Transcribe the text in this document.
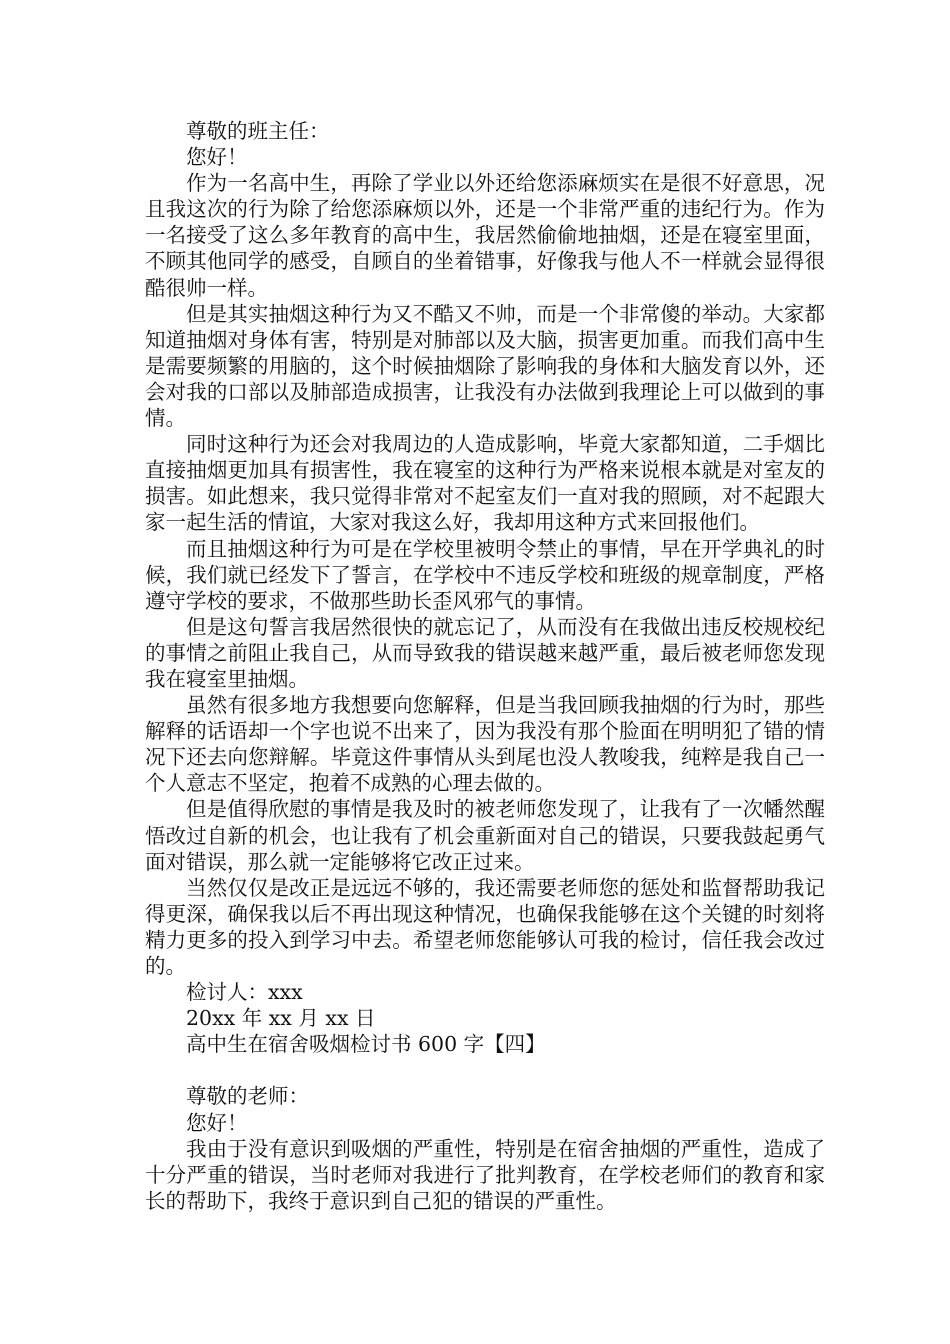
尊敬的班主任：

您好！

作为一名高中生，再除了学业以外还给您添麻烦实在是很不好意思，况且我这次的行为除了给您添麻烦以外，还是一个非常严重的违纪行为。作为一名接受了这么多年教育的高中生，我居然偷偷地抽烟，还是在寝室里面，不顾其他同学的感受，自顾自的坐着错事，好像我与他人不一样就会显得很酷很帅一样。

但是其实抽烟这种行为又不酷又不帅，而是一个非常傻的举动。大家都知道抽烟对身体有害，特别是对肺部以及大脑，损害更加重。而我们高中生是需要频繁的用脑的，这个时候抽烟除了影响我的身体和大脑发育以外，还会对我的口部以及肺部造成损害，让我没有办法做到我理论上可以做到的事情。

同时这种行为还会对我周边的人造成影响，毕竟大家都知道，二手烟比直接抽烟更加具有损害性，我在寝室的这种行为严格来说根本就是对室友的损害。如此想来，我只觉得非常对不起室友们一直对我的照顾，对不起跟大家一起生活的情谊，大家对我这么好，我却用这种方式来回报他们。

而且抽烟这种行为可是在学校里被明令禁止的事情，早在开学典礼的时候，我们就已经发下了誓言，在学校中不违反学校和班级的规章制度，严格遵守学校的要求，不做那些助长歪风邪气的事情。

但是这句誓言我居然很快的就忘记了，从而没有在我做出违反校规校纪的事情之前阻止我自己，从而导致我的错误越来越严重，最后被老师您发现我在寝室里抽烟。

虽然有很多地方我想要向您解释，但是当我回顾我抽烟的行为时，那些解释的话语却一个字也说不出来了，因为我没有那个脸面在明明犯了错的情况下还去向您辩解。毕竟这件事情从头到尾也没人教唆我，纯粹是我自己一个人意志不坚定，抱着不成熟的心理去做的。

但是值得欣慰的事情是我及时的被老师您发现了，让我有了一次幡然醒悟改过自新的机会，也让我有了机会重新面对自己的错误，只要我鼓起勇气面对错误，那么就一定能够将它改正过来。

当然仅仅是改正是远远不够的，我还需要老师您的惩处和监督帮助我记得更深，确保我以后不再出现这种情况，也确保我能够在这个关键的时刻将精力更多的投入到学习中去。希望老师您能够认可我的检讨，信任我会改过的。

检讨人：xxx

20xx 年 xx 月 xx 日

高中生在宿舍吸烟检讨书 600 字【四】

尊敬的老师：

您好！

我由于没有意识到吸烟的严重性，特别是在宿舍抽烟的严重性，造成了十分严重的错误，当时老师对我进行了批判教育，在学校老师们的教育和家长的帮助下，我终于意识到自己犯的错误的严重性。
